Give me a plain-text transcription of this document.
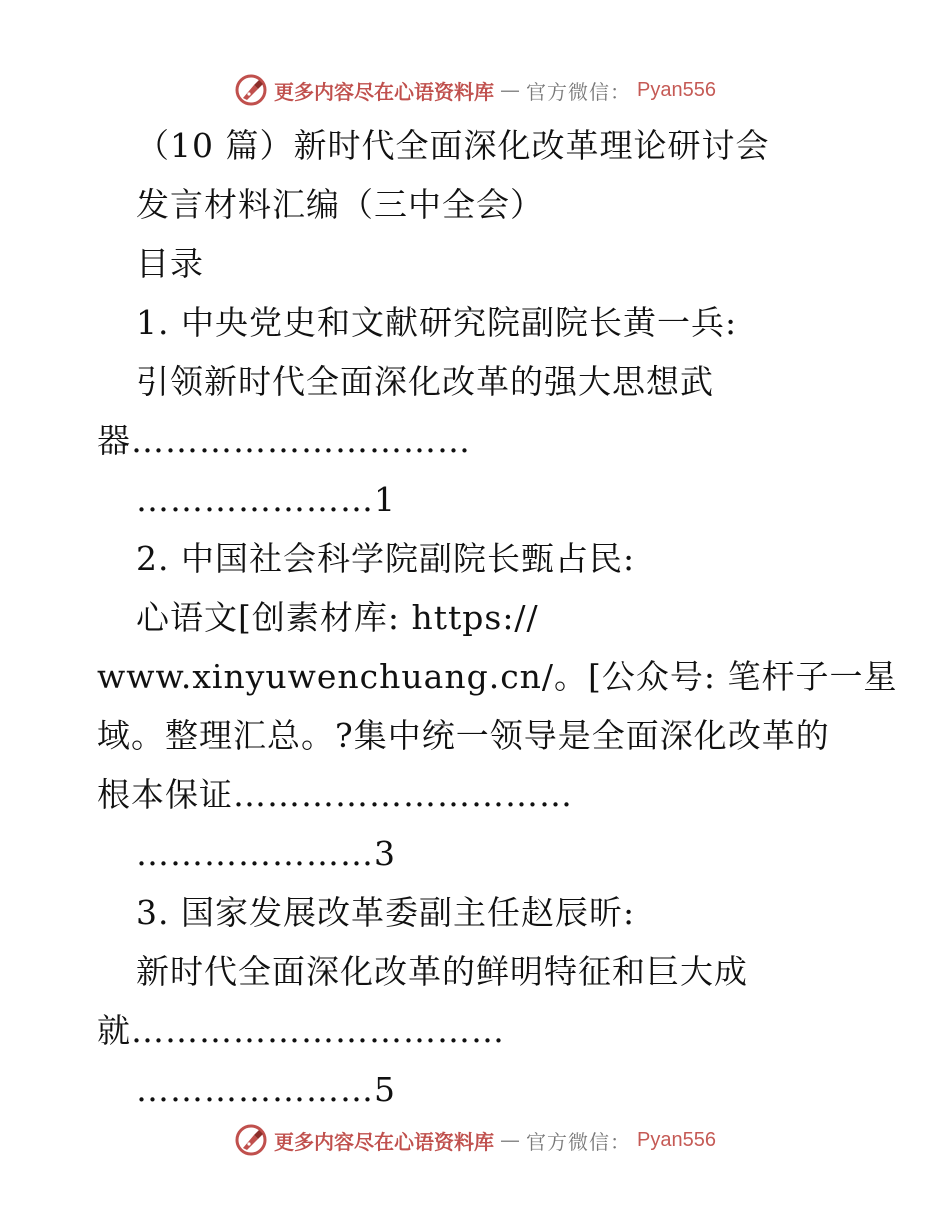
更多内容尽在心语资料库 — 官方微信： Pyan556
（10 篇）新时代全面深化改革理论研讨会
发言材料汇编（三中全会）
目录
1. 中央党史和文献研究院副院长黄一兵:
引领新时代全面深化改革的强大思想武
器…………………………
…………………1
2. 中国社会科学院副院长甄占民:
心语文[创素材库: https://
www.xinyuwenchuang.cn/。[公众号: 笔杆子一星
域。整理汇总。?集中统一领导是全面深化改革的
根本保证…………………………
…………………3
3. 国家发展改革委副主任赵辰昕:
新时代全面深化改革的鲜明特征和巨大成
就……………………………
…………………5
更多内容尽在心语资料库 — 官方微信： Pyan556
